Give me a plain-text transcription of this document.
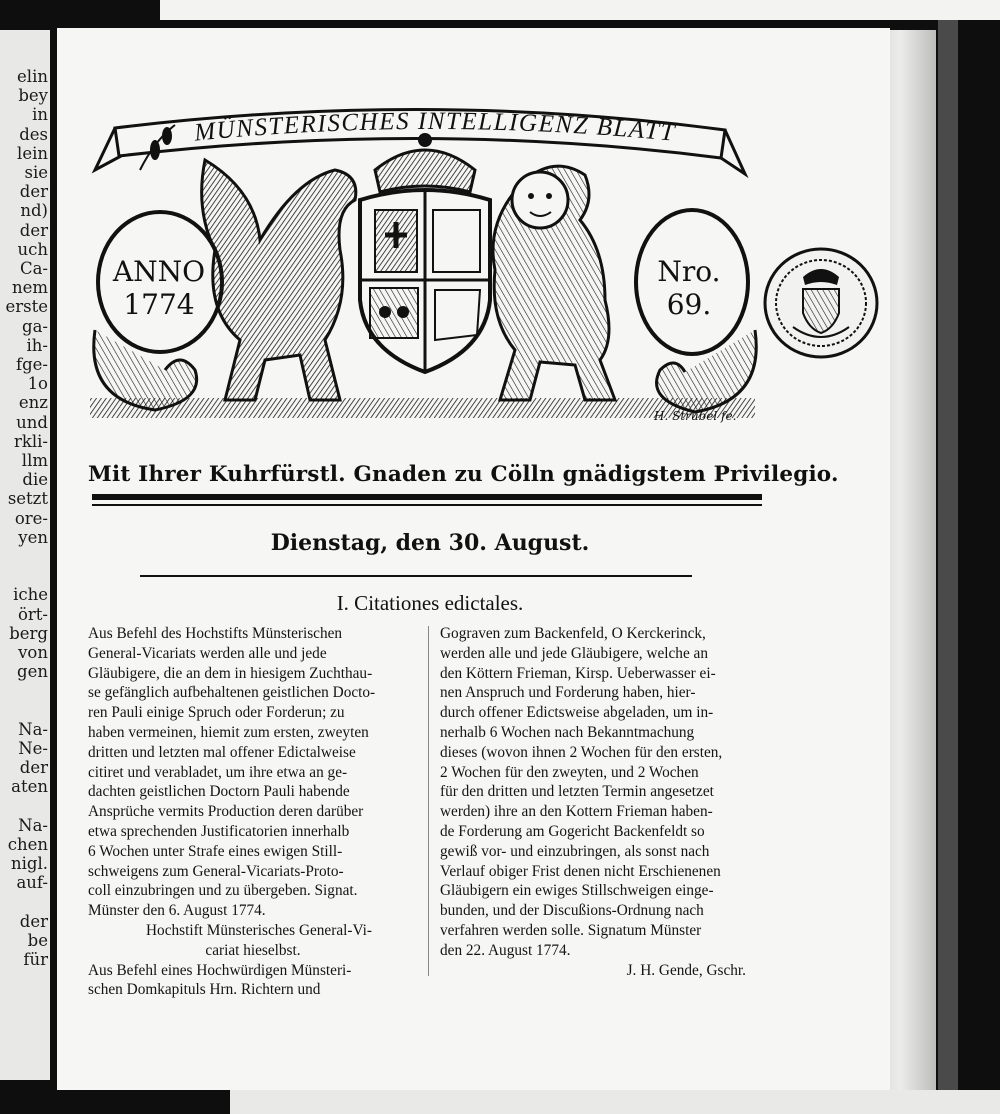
elin
bey
in
des
lein
sie
der
nd)
der
uch
Ca-
nem
erste
ga-
ih-
fge-
1o
enz
und
rkli-
llm
die
setzt
ore-
yen
iche
ört-
berg
von
gen
Na-
Ne-
der
aten
Na-
chen
nigl.
auf-
der
be
für
MÜNSTERISCHES INTELLIGENZ BLATT
ANNO
1774
Nro.
69.
H. Strubel fe.
Mit Ihrer Kuhrfürstl. Gnaden zu Cölln gnädigstem Privilegio.
Dienstag, den 30. August.
I. Citationes edictales.
Aus Befehl des Hochstifts Münsterischen
General-Vicariats werden alle und jede
Gläubigere, die an dem in hiesigem Zuchthau-
se gefänglich aufbehaltenen geistlichen Docto-
ren Pauli einige Spruch oder Forderun; zu
haben vermeinen, hiemit zum ersten, zweyten
dritten und letzten mal offener Edictalweise
citiret und verabladet, um ihre etwa an ge-
dachten geistlichen Doctorn Pauli habende
Ansprüche vermits Production deren darüber
etwa sprechenden Justificatorien innerhalb
6 Wochen unter Strafe eines ewigen Still-
schweigens zum General-Vicariats-Proto-
coll einzubringen und zu übergeben. Signat.
Münster den 6. August 1774.
Hochstift Münsterisches General-Vi-
cariat hieselbst.
Aus Befehl eines Hochwürdigen Münsteri-
schen Domkapituls Hrn. Richtern und
Gograven zum Backenfeld, O Kerckerinck,
werden alle und jede Gläubigere, welche an
den Köttern Frieman, Kirsp. Ueberwasser ei-
nen Anspruch und Forderung haben, hier-
durch offener Edictsweise abgeladen, um in-
nerhalb 6 Wochen nach Bekanntmachung
dieses (wovon ihnen 2 Wochen für den ersten,
2 Wochen für den zweyten, und 2 Wochen
für den dritten und letzten Termin angesetzet
werden) ihre an den Kottern Frieman haben-
de Forderung am Gogericht Backenfeldt so
gewiß vor- und einzubringen, als sonst nach
Verlauf obiger Frist denen nicht Erschienenen
Gläubigern ein ewiges Stillschweigen einge-
bunden, und der Discußions-Ordnung nach
verfahren werden solle. Signatum Münster
den 22. August 1774.
J. H. Gende, Gschr.
